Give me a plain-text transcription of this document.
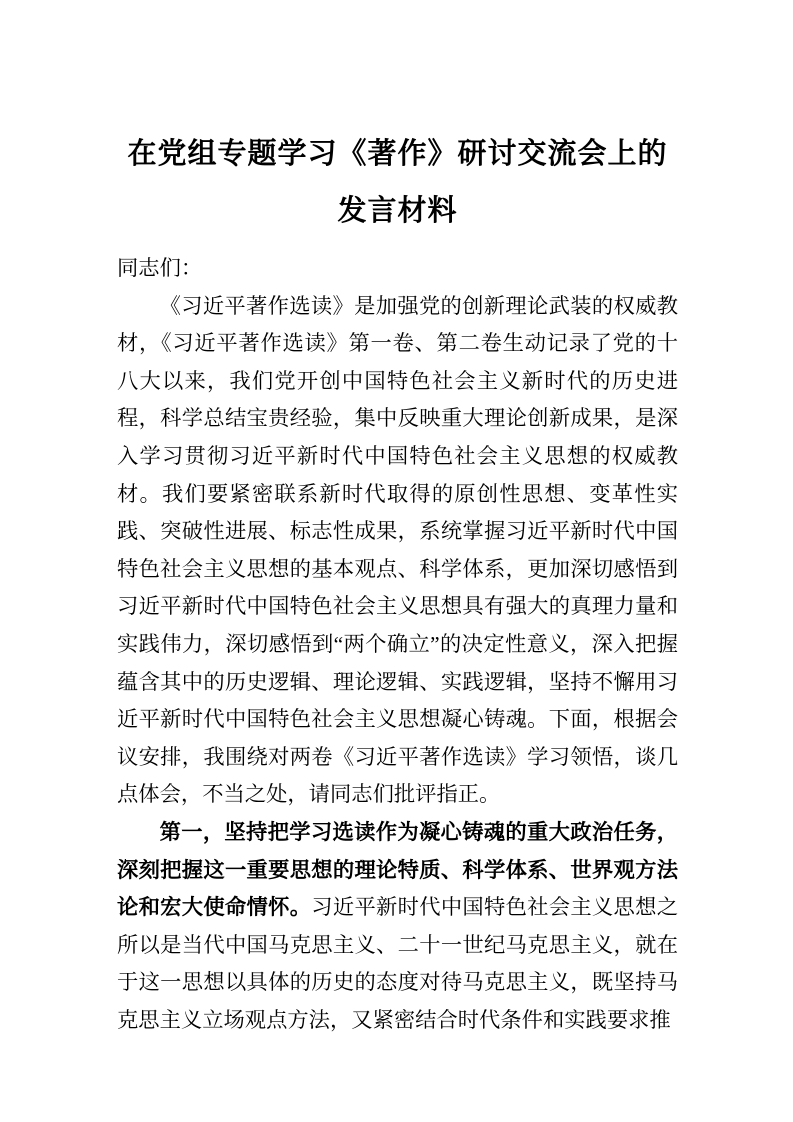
在党组专题学习《著作》研讨交流会上的发言材料

同志们：

《习近平著作选读》是加强党的创新理论武装的权威教材，《习近平著作选读》第一卷、第二卷生动记录了党的十八大以来，我们党开创中国特色社会主义新时代的历史进程，科学总结宝贵经验，集中反映重大理论创新成果，是深入学习贯彻习近平新时代中国特色社会主义思想的权威教材。我们要紧密联系新时代取得的原创性思想、变革性实践、突破性进展、标志性成果，系统掌握习近平新时代中国特色社会主义思想的基本观点、科学体系，更加深切感悟到习近平新时代中国特色社会主义思想具有强大的真理力量和实践伟力，深切感悟到“两个确立”的决定性意义，深入把握蕴含其中的历史逻辑、理论逻辑、实践逻辑，坚持不懈用习近平新时代中国特色社会主义思想凝心铸魂。下面，根据会议安排，我围绕对两卷《习近平著作选读》学习领悟，谈几点体会，不当之处，请同志们批评指正。

第一，坚持把学习选读作为凝心铸魂的重大政治任务，深刻把握这一重要思想的理论特质、科学体系、世界观方法论和宏大使命情怀。习近平新时代中国特色社会主义思想之所以是当代中国马克思主义、二十一世纪马克思主义，就在于这一思想以具体的历史的态度对待马克思主义，既坚持马克思主义立场观点方法，又紧密结合时代条件和实践要求推
